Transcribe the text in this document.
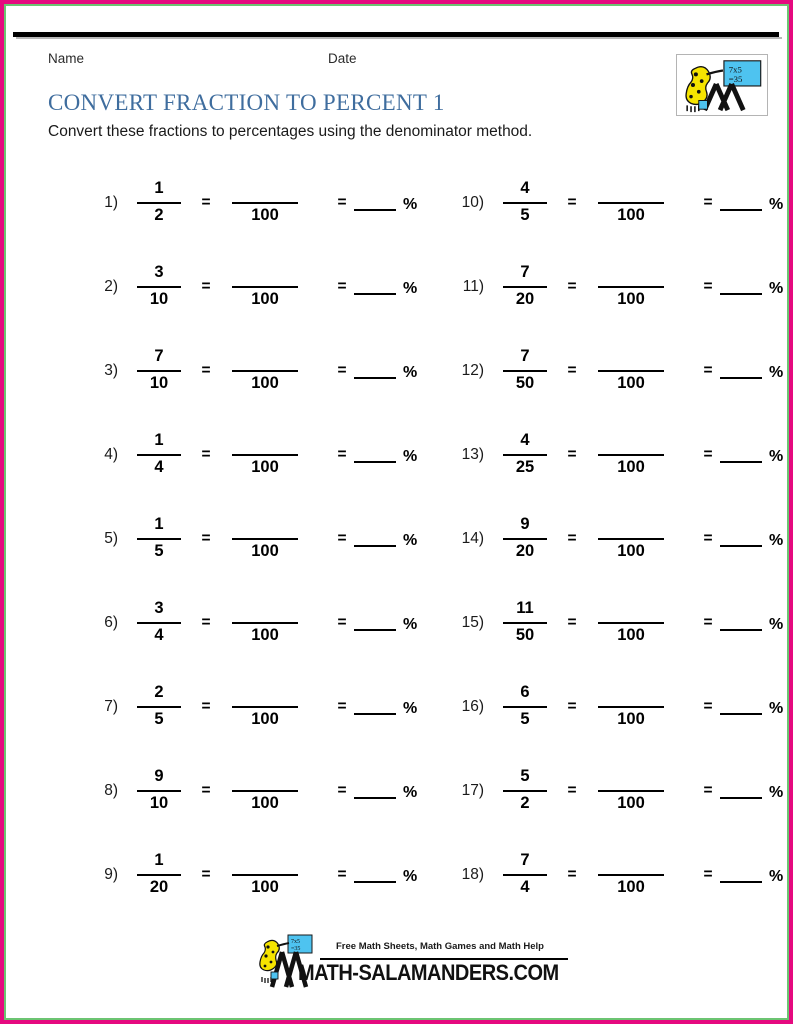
Name	Date
7x5
=35
CONVERT FRACTION TO PERCENT 1
Convert these fractions to percentages using the denominator method.
$1) \frac{1}{2}$ =

100
=	%
$2) \frac{3}{10}$ =

100
=	%
$3) \frac{7}{10}$ =

100
=	%
$4) \frac{1}{4}$ =

100
=	%
$5) \frac{1}{5}$ =

100
=	%
$6) \frac{3}{4}$ =

100
=	%
$7) \frac{2}{5}$ =

100
=	%
$8) \frac{9}{10}$ =

100
=	%
$9) \frac{1}{20}$ =

100
=	%
$10) \frac{4}{5}$ =

100
=	%
$11) \frac{7}{20}$ =

100
=	%
$12) \frac{7}{50}$ =

100
=	%
$13) \frac{4}{25}$ =

100
=	%
$14) \frac{9}{20}$ =

100
=	%
$15) \frac{11}{50}$ =

100
=	%
$16) \frac{6}{5}$ =

100
=	%
$17) \frac{5}{2}$ =

100
=	%
$18) \frac{7}{4}$ =

100
=	%
7x5
=35	Free Math Sheets, Math Games and Math Help
MATH-SALAMANDERS.COM
